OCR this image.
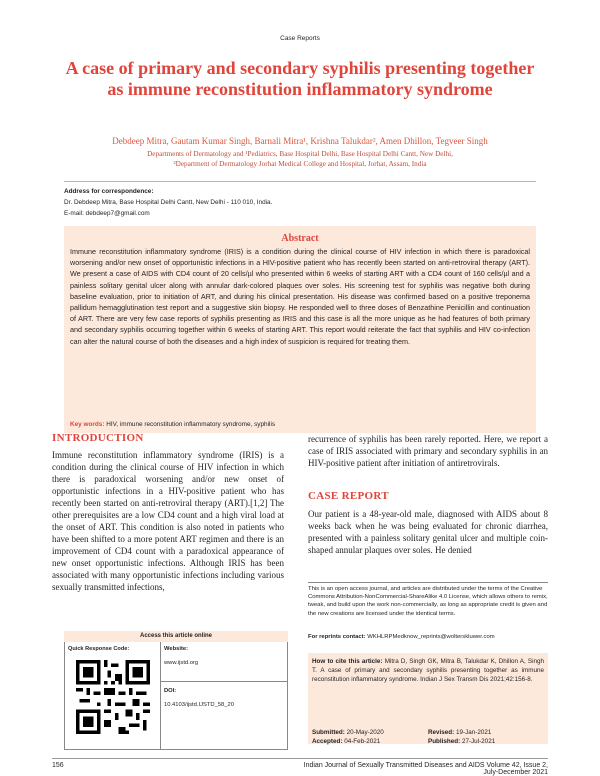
Case Reports
A case of primary and secondary syphilis presenting together as immune reconstitution inflammatory syndrome
Debdeep Mitra, Gautam Kumar Singh, Barnali Mitra¹, Krishna Talukdar², Amen Dhillon, Tegveer Singh
Departments of Dermatology and ¹Pediatrics, Base Hospital Delhi, Base Hospital Delhi Cantt, New Delhi,
²Department of Dermatology Jorhat Medical College and Hospital, Jorhat, Assam, India
Address for correspondence:
Dr. Debdeep Mitra, Base Hospital Delhi Cantt, New Delhi - 110 010, India.
E-mail: debdeep7@gmail.com
Abstract
Immune reconstitution inflammatory syndrome (IRIS) is a condition during the clinical course of HIV infection in which there is paradoxical worsening and/or new onset of opportunistic infections in a HIV-positive patient who has recently been started on anti-retroviral therapy (ART). We present a case of AIDS with CD4 count of 20 cells/µl who presented within 6 weeks of starting ART with a CD4 count of 160 cells/µl and a painless solitary genital ulcer along with annular dark-colored plaques over soles. His screening test for syphilis was negative both during baseline evaluation, prior to initiation of ART, and during his clinical presentation. His disease was confirmed based on a positive treponema pallidum hemagglutination test report and a suggestive skin biopsy. He responded well to three doses of Benzathine Penicillin and continuation of ART. There are very few case reports of syphilis presenting as IRIS and this case is all the more unique as he had features of both primary and secondary syphilis occurring together within 6 weeks of starting ART. This report would reiterate the fact that syphilis and HIV co-infection can alter the natural course of both the diseases and a high index of suspicion is required for treating them.
Key words: HIV, immune reconstitution inflammatory syndrome, syphilis
INTRODUCTION
Immune reconstitution inflammatory syndrome (IRIS) is a condition during the clinical course of HIV infection in which there is paradoxical worsening and/or new onset of opportunistic infections in a HIV-positive patient who has recently been started on anti-retroviral therapy (ART).[1,2] The other prerequisites are a low CD4 count and a high viral load at the onset of ART. This condition is also noted in patients who have been shifted to a more potent ART regimen and there is an improvement of CD4 count with a paradoxical appearance of new onset opportunistic infections. Although IRIS has been associated with many opportunistic infections including various sexually transmitted infections,
recurrence of syphilis has been rarely reported. Here, we report a case of IRIS associated with primary and secondary syphilis in an HIV-positive patient after initiation of antiretrovirals.
CASE REPORT
Our patient is a 48-year-old male, diagnosed with AIDS about 8 weeks back when he was being evaluated for chronic diarrhea, presented with a painless solitary genital ulcer and multiple coin-shaped annular plaques over soles. He denied
This is an open access journal, and articles are distributed under the terms of the Creative Commons Attribution-NonCommercial-ShareAlike 4.0 License, which allows others to remix, tweak, and build upon the work non-commercially, as long as appropriate credit is given and the new creations are licensed under the identical terms.
For reprints contact: WKHLRPMedknow_reprints@wolterskluwer.com
How to cite this article: Mitra D, Singh GK, Mitra B, Talukdar K, Dhillon A, Singh T. A case of primary and secondary syphilis presenting together as immune reconstitution inflammatory syndrome. Indian J Sex Transm Dis 2021;42:156-8.
Submitted: 20-May-2020	Revised: 19-Jan-2021
Accepted: 04-Feb-2021	Published: 27-Jul-2021
Access this article online
Quick Response Code:	Website:
www.ijstd.org
DOI:
10.4103/ijstd.IJSTD_58_20
156	Indian Journal of Sexually Transmitted Diseases and AIDS Volume 42, Issue 2, July-December 2021
